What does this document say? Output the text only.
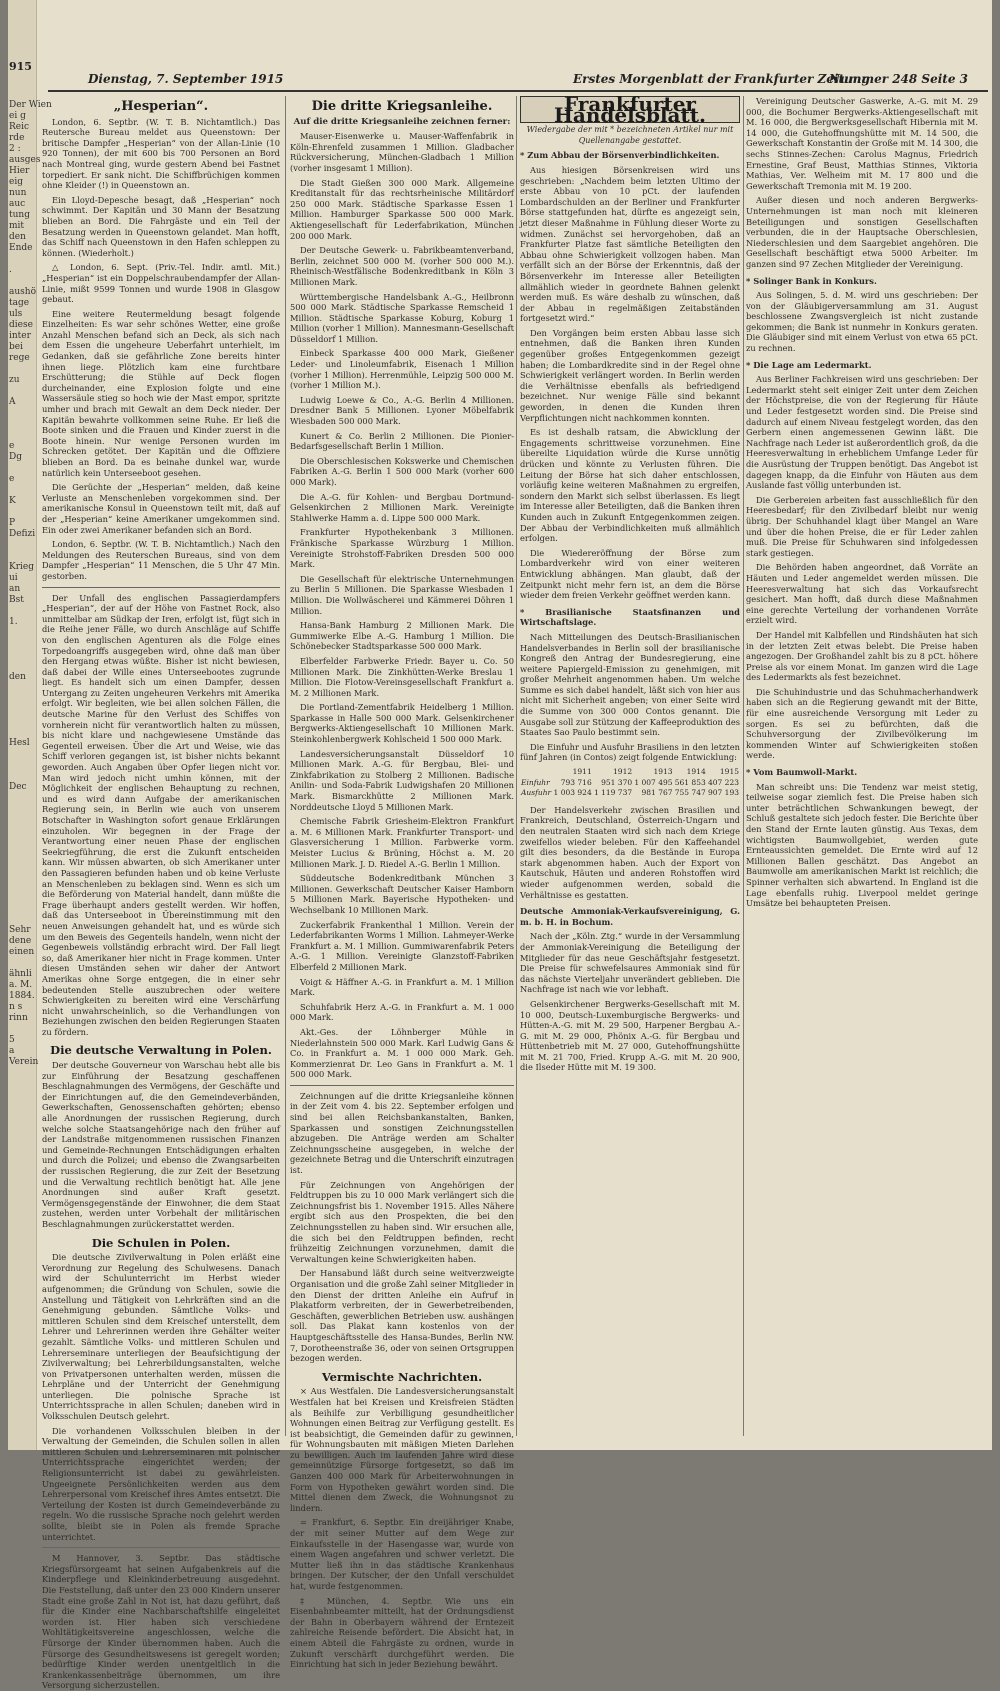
915
Der Wien
ei g
Reic
rde
2 :
ausges
Hier
eig
nun
auc
tung
mit
den
Ende

.

aushö
tage
uls
diese
inter
bei
rege

zu

A

e
Dg

e

K

P
Defizi

Krieg
ui
an
Bst

1.

den

Hesl

Dec

Sehr
dene
einen

ähnli
a. M.
1884.
n s
rinn

5
a
Verein

Dienstag, 7. September 1915	Erstes Morgenblatt der Frankfurter Zeitung
Nummer 248 Seite 3
„Hesperian“.

London, 6. Septbr. (W. T. B. Nichtamtlich.) Das Reutersche Bureau meldet aus Queenstown: Der britische Dampfer „Hesperian“ von der Allan-Linie (10 920 Tonnen), der mit 600 bis 700 Personen an Bord nach Montreal ging, wurde gestern Abend bei Fastnet torpediert. Er sank nicht. Die Schiffbrüchigen kommen ohne Kleider (!) in Queenstown an.

Ein Lloyd-Depesche besagt, daß „Hesperian“ noch schwimmt. Der Kapitän und 30 Mann der Besatzung blieben an Bord. Die Fahrgäste und ein Teil der Besatzung werden in Queenstown gelandet. Man hofft, das Schiff nach Queenstown in den Hafen schleppen zu können. (Wiederholt.)

△ London, 6. Sept. (Priv.-Tel. Indir. amtl. Mit.) „Hesperian“ ist ein Doppelschraubendampfer der Allan-Linie, mißt 9599 Tonnen und wurde 1908 in Glasgow gebaut.

Eine weitere Reutermeldung besagt folgende Einzelheiten: Es war sehr schönes Wetter, eine große Anzahl Menschen befand sich an Deck, als sich nach dem Essen die ungeheure Ueberfahrt unterhielt, im Gedanken, daß sie gefährliche Zone bereits hinter ihnen liege. Plötzlich kam eine furchtbare Erschütterung; die Stühle auf Deck flogen durcheinander, eine Explosion folgte und eine Wassersäule stieg so hoch wie der Mast empor, spritzte umher und brach mit Gewalt an dem Deck nieder. Der Kapitän bewahrte vollkommen seine Ruhe. Er ließ die Boote sinken und die Frauen und Kinder zuerst in die Boote hinein. Nur wenige Personen wurden im Schrecken getötet. Der Kapitän und die Offiziere blieben an Bord. Da es beinahe dunkel war, wurde natürlich kein Unterseeboot gesehen.

Die Gerüchte der „Hesperian“ melden, daß keine Verluste an Menschenleben vorgekommen sind. Der amerikanische Konsul in Queenstown teilt mit, daß auf der „Hesperian“ keine Amerikaner umgekommen sind. Ein oder zwei Amerikaner befanden sich an Bord.

London, 6. Septbr. (W. T. B. Nichtamtlich.) Nach den Meldungen des Reuterschen Bureaus, sind von dem Dampfer „Hesperian“ 11 Menschen, die 5 Uhr 47 Min. gestorben.

Der Unfall des englischen Passagierdampfers „Hesperian“, der auf der Höhe von Fastnet Rock, also unmittelbar am Südkap der Iren, erfolgt ist, fügt sich in die Reihe jener Fälle, wo durch Anschläge auf Schiffe von den englischen Agenturen als die Folge eines Torpedoangriffs ausgegeben wird, ohne daß man über den Hergang etwas wüßte. Bisher ist nicht bewiesen, daß dabei der Wille eines Unterseebootes zugrunde liegt. Es handelt sich um einen Dampfer, dessen Untergang zu Zeiten ungeheuren Verkehrs mit Amerika erfolgt. Wir begleiten, wie bei allen solchen Fällen, die deutsche Marine für den Verlust des Schiffes von vornherein nicht für verantwortlich halten zu müssen, bis nicht klare und nachgewiesene Umstände das Gegenteil erweisen. Über die Art und Weise, wie das Schiff verloren gegangen ist, ist bisher nichts bekannt geworden. Auch Angaben über Opfer liegen nicht vor. Man wird jedoch nicht umhin können, mit der Möglichkeit der englischen Behauptung zu rechnen, und es wird dann Aufgabe der amerikanischen Regierung sein, in Berlin wie auch von unserem Botschafter in Washington sofort genaue Erklärungen einzuholen. Wir begegnen in der Frage der Verantwortung einer neuen Phase der englischen Seekriegführung, die erst die Zukunft entscheiden kann. Wir müssen abwarten, ob sich Amerikaner unter den Passagieren befunden haben und ob keine Verluste an Menschenleben zu beklagen sind. Wenn es sich um die Beförderung von Material handelt, dann müßte die Frage überhaupt anders gestellt werden. Wir hoffen, daß das Unterseeboot in Übereinstimmung mit den neuen Anweisungen gehandelt hat, und es würde sich um den Beweis des Gegenteils handeln, wenn nicht der Gegenbeweis vollständig erbracht wird. Der Fall liegt so, daß Amerikaner hier nicht in Frage kommen. Unter diesen Umständen sehen wir daher der Antwort Amerikas ohne Sorge entgegen, die in einer sehr bedeutenden Stelle auszubrechen oder weitere Schwierigkeiten zu bereiten wird eine Verschärfung nicht unwahrscheinlich, so die Verhandlungen von Beziehungen zwischen den beiden Regierungen Staaten zu fördern.

Die deutsche Verwaltung in Polen.

Der deutsche Gouverneur von Warschau hebt alle bis zur Einführung der Besatzung geschaffenen Beschlagnahmungen des Vermögens, der Geschäfte und der Einrichtungen auf, die den Gemeindeverbänden, Gewerkschaften, Genossenschaften gehörten; ebenso alle Anordnungen der russischen Regierung, durch welche solche Staatsangehörige nach den früher auf der Landstraße mitgenommenen russischen Finanzen und Gemeinde-Rechnungen Entschädigungen erhalten und durch die Polizei; und ebenso die Zwangsarbeiten der russischen Regierung, die zur Zeit der Besetzung und die Verwaltung rechtlich benötigt hat. Alle jene Anordnungen sind außer Kraft gesetzt. Vermögensgegenstände der Einwohner, die dem Staat zustehen, werden unter Vorbehalt der militärischen Beschlagnahmungen zurückerstattet werden.

Die Schulen in Polen.

Die deutsche Zivilverwaltung in Polen erläßt eine Verordnung zur Regelung des Schulwesens. Danach wird der Schulunterricht im Herbst wieder aufgenommen; die Gründung von Schulen, sowie die Anstellung und Tätigkeit von Lehrkräften sind an die Genehmigung gebunden. Sämtliche Volks- und mittleren Schulen sind dem Kreischef unterstellt, dem Lehrer und Lehrerinnen werden ihre Gehälter weiter gezahlt. Sämtliche Volks- und mittleren Schulen und Lehrerseminare unterliegen der Beaufsichtigung der Zivilverwaltung; bei Lehrerbildungsanstalten, welche von Privatpersonen unterhalten werden, müssen die Lehrpläne und der Unterricht der Genehmigung unterliegen. Die polnische Sprache ist Unterrichtssprache in allen Schulen; daneben wird in Volksschulen Deutsch gelehrt.

Die vorhandenen Volksschulen bleiben in der Verwaltung der Gemeinden, die Schulen sollen in allen mittleren Schulen und Lehrerseminaren mit polnischer Unterrichtssprache eingerichtet werden; der Religionsunterricht ist dabei zu gewährleisten. Ungeeignete Persönlichkeiten werden aus dem Lehrerpersonal vom Kreischef ihres Amtes entsetzt. Die Verteilung der Kosten ist durch Gemeindeverbände zu regeln. Wo die russische Sprache noch gelehrt werden sollte, bleibt sie in Polen als fremde Sprache unterrichtet.

M Hannover, 3. Septbr. Das städtische Kriegsfürsorgeamt hat seinen Aufgabenkreis auf die Kinderpflege und Kleinkinderbetreuung ausgedehnt. Die Feststellung, daß unter den 23 000 Kindern unserer Stadt eine große Zahl in Not ist, hat dazu geführt, daß für die Kinder eine Nachbarschaftshilfe eingeleitet worden ist. Hier haben sich verschiedene Wohltätigkeitsvereine angeschlossen, welche die Fürsorge der Kinder übernommen haben. Auch die Fürsorge des Gesundheitswesens ist geregelt worden; bedürftige Kinder werden unentgeltlich in die Krankenkassenbeiträge übernommen, um ihre Versorgung sicherzustellen.

Die dritte Kriegsanleihe.
Auf die dritte Kriegsanleihe zeichnen ferner:

Mauser-Eisenwerke u. Mauser-Waffenfabrik in Köln-Ehrenfeld zusammen 1 Million. Gladbacher Rückversicherung, München-Gladbach 1 Million (vorher insgesamt 1 Million).

Die Stadt Gießen 300 000 Mark. Allgemeine Kreditanstalt für das rechtsrheinische Militärdorf 250 000 Mark. Städtische Sparkasse Essen 1 Million. Hamburger Sparkasse 500 000 Mark. Aktiengesellschaft für Lederfabrikation, München 200 000 Mark.

Der Deutsche Gewerk- u. Fabrikbeamtenverband, Berlin, zeichnet 500 000 M. (vorher 500 000 M.). Rheinisch-Westfälische Bodenkreditbank in Köln 3 Millionen Mark.

Württembergische Handelsbank A.-G., Heilbronn 500 000 Mark. Städtische Sparkasse Remscheid 1 Million. Städtische Sparkasse Koburg, Koburg 1 Million (vorher 1 Million). Mannesmann-Gesellschaft Düsseldorf 1 Million.

Einbeck Sparkasse 400 000 Mark, Gießener Leder- und Linoleumfabrik, Eisenach 1 Million (vorher 1 Million). Herrenmühle, Leipzig 500 000 M. (vorher 1 Million M.).

Ludwig Loewe & Co., A.-G. Berlin 4 Millionen. Dresdner Bank 5 Millionen. Lyoner Möbelfabrik Wiesbaden 500 000 Mark.

Kunert & Co. Berlin 2 Millionen. Die Pionier-Bedarfsgesellschaft Berlin 1 Million.

Die Oberschlesischen Kokswerke und Chemischen Fabriken A.-G. Berlin 1 500 000 Mark (vorher 600 000 Mark).

Die A.-G. für Kohlen- und Bergbau Dortmund-Gelsenkirchen 2 Millionen Mark. Vereinigte Stahlwerke Hamm a. d. Lippe 500 000 Mark.

Frankfurter Hypothekenbank 3 Millionen. Fränkische Sparkasse Würzburg 1 Million. Vereinigte Strohstoff-Fabriken Dresden 500 000 Mark.

Die Gesellschaft für elektrische Unternehmungen zu Berlin 5 Millionen. Die Sparkasse Wiesbaden 1 Million. Die Wollwäscherei und Kämmerei Döhren 1 Million.

Hansa-Bank Hamburg 2 Millionen Mark. Die Gummiwerke Elbe A.-G. Hamburg 1 Million. Die Schönebecker Stadtsparkasse 500 000 Mark.

Elberfelder Farbwerke Friedr. Bayer u. Co. 50 Millionen Mark. Die Zinkhütten-Werke Breslau 1 Million. Die Flotow-Vereinsgesellschaft Frankfurt a. M. 2 Millionen Mark.

Die Portland-Zementfabrik Heidelberg 1 Million. Sparkasse in Halle 500 000 Mark. Gelsenkirchener Bergwerks-Aktiengesellschaft 10 Millionen Mark. Steinkohlenbergwerk Kohlscheid 1 500 000 Mark.

Landesversicherungsanstalt Düsseldorf 10 Millionen Mark. A.-G. für Bergbau, Blei- und Zinkfabrikation zu Stolberg 2 Millionen. Badische Anilin- und Soda-Fabrik Ludwigshafen 20 Millionen Mark. Bismarckhütte 2 Millionen Mark. Norddeutsche Lloyd 5 Millionen Mark.

Chemische Fabrik Griesheim-Elektron Frankfurt a. M. 6 Millionen Mark. Frankfurter Transport- und Glasversicherung 1 Million. Farbwerke vorm. Meister Lucius & Brüning, Höchst a. M. 20 Millionen Mark. J. D. Riedel A.-G. Berlin 1 Million.

Süddeutsche Bodenkreditbank München 3 Millionen. Gewerkschaft Deutscher Kaiser Hamborn 5 Millionen Mark. Bayerische Hypotheken- und Wechselbank 10 Millionen Mark.

Zuckerfabrik Frankenthal 1 Million. Verein der Lederfabrikanten Worms 1 Million. Lahmeyer-Werke Frankfurt a. M. 1 Million. Gummiwarenfabrik Peters A.-G. 1 Million. Vereinigte Glanzstoff-Fabriken Elberfeld 2 Millionen Mark.

Voigt & Häffner A.-G. in Frankfurt a. M. 1 Million Mark.

Schuhfabrik Herz A.-G. in Frankfurt a. M. 1 000 000 Mark.

Akt.-Ges. der Löhnberger Mühle in Niederlahnstein 500 000 Mark. Karl Ludwig Gans & Co. in Frankfurt a. M. 1 000 000 Mark. Geh. Kommerzienrat Dr. Leo Gans in Frankfurt a. M. 1 500 000 Mark.

Zeichnungen auf die dritte Kriegsanleihe können in der Zeit vom 4. bis 22. September erfolgen und sind bei allen Reichsbankanstalten, Banken, Sparkassen und sonstigen Zeichnungsstellen abzugeben. Die Anträge werden am Schalter Zeichnungsscheine ausgegeben, in welche der gezeichnete Betrag und die Unterschrift einzutragen ist.

Für Zeichnungen von Angehörigen der Feldtruppen bis zu 10 000 Mark verlängert sich die Zeichnungsfrist bis 1. November 1915. Alles Nähere ergibt sich aus den Prospekten, die bei den Zeichnungsstellen zu haben sind. Wir ersuchen alle, die sich bei den Feldtruppen befinden, recht frühzeitig Zeichnungen vorzunehmen, damit die Verwaltungen keine Schwierigkeiten haben.

Der Hansabund läßt durch seine weitverzweigte Organisation und die große Zahl seiner Mitglieder in den Dienst der dritten Anleihe ein Aufruf in Plakatform verbreiten, der in Gewerbetreibenden, Geschäften, gewerblichen Betrieben usw. aushängen soll. Das Plakat kann kostenlos von der Hauptgeschäftsstelle des Hansa-Bundes, Berlin NW. 7, Dorotheenstraße 36, oder von seinen Ortsgruppen bezogen werden.

Vermischte Nachrichten.

× Aus Westfalen. Die Landesversicherungsanstalt Westfalen hat bei Kreisen und Kreisfreien Städten als Beihilfe zur Verbilligung gesundheitlicher Wohnungen einen Beitrag zur Verfügung gestellt. Es ist beabsichtigt, die Gemeinden dafür zu gewinnen, für Wohnungsbauten mit mäßigen Mieten Darlehen zu bewilligen. Auch im laufenden Jahre wird diese gemeinnützige Fürsorge fortgesetzt, so daß im Ganzen 400 000 Mark für Arbeiterwohnungen in Form von Hypotheken gewährt worden sind. Die Mittel dienen dem Zweck, die Wohnungsnot zu lindern.

= Frankfurt, 6. Septbr. Ein dreijähriger Knabe, der mit seiner Mutter auf dem Wege zur Einkaufsstelle in der Hasengasse war, wurde von einem Wagen angefahren und schwer verletzt. Die Mutter ließ ihn in das städtische Krankenhaus bringen. Der Kutscher, der den Unfall verschuldet hat, wurde festgenommen.

‡ München, 4. Septbr. Wie uns ein Eisenbahnbeamter mitteilt, hat der Ordnungsdienst der Bahn in Oberbayern während der Erntezeit zahlreiche Reisende befördert. Die Absicht hat, in einem Abteil die Fahrgäste zu ordnen, wurde in Zukunft verschärft durchgeführt werden. Die Einrichtung hat sich in jeder Beziehung bewährt.

Frankfurter Handelsblatt.
Wiedergabe der mit * bezeichneten Artikel nur mit Quellenangabe gestattet.

* Zum Abbau der Börsenverbindlichkeiten.

Aus hiesigen Börsenkreisen wird uns geschrieben: „Nachdem beim letzten Ultimo der erste Abbau von 10 pCt. der laufenden Lombardschulden an der Berliner und Frankfurter Börse stattgefunden hat, dürfte es angezeigt sein, jetzt dieser Maßnahme in Fühlung dieser Worte zu widmen. Zunächst sei hervorgehoben, daß an Frankfurter Platze fast sämtliche Beteiligten den Abbau ohne Schwierigkeit vollzogen haben. Man verfällt sich an der Börse der Erkenntnis, daß der Börsenverkehr im Interesse aller Beteiligten allmählich wieder in geordnete Bahnen gelenkt werden muß. Es wäre deshalb zu wünschen, daß der Abbau in regelmäßigen Zeitabständen fortgesetzt wird.“

Den Vorgängen beim ersten Abbau lasse sich entnehmen, daß die Banken ihren Kunden gegenüber großes Entgegenkommen gezeigt haben; die Lombardkredite sind in der Regel ohne Schwierigkeit verlängert worden. In Berlin werden die Verhältnisse ebenfalls als befriedigend bezeichnet. Nur wenige Fälle sind bekannt geworden, in denen die Kunden ihren Verpflichtungen nicht nachkommen konnten.

Es ist deshalb ratsam, die Abwicklung der Engagements schrittweise vorzunehmen. Eine übereilte Liquidation würde die Kurse unnötig drücken und könnte zu Verlusten führen. Die Leitung der Börse hat sich daher entschlossen, vorläufig keine weiteren Maßnahmen zu ergreifen, sondern den Markt sich selbst überlassen. Es liegt im Interesse aller Beteiligten, daß die Banken ihren Kunden auch in Zukunft Entgegenkommen zeigen. Der Abbau der Verbindlichkeiten muß allmählich erfolgen.

Die Wiedereröffnung der Börse zum Lombardverkehr wird von einer weiteren Entwicklung abhängen. Man glaubt, daß der Zeitpunkt nicht mehr fern ist, an dem die Börse wieder dem freien Verkehr geöffnet werden kann.

* Brasilianische Staatsfinanzen und Wirtschaftslage.

Nach Mitteilungen des Deutsch-Brasilianischen Handelsverbandes in Berlin soll der brasilianische Kongreß den Antrag der Bundesregierung, eine weitere Papiergeld-Emission zu genehmigen, mit großer Mehrheit angenommen haben. Um welche Summe es sich dabei handelt, läßt sich von hier aus nicht mit Sicherheit angeben; von einer Seite wird die Summe von 300 000 Contos genannt. Die Ausgabe soll zur Stützung der Kaffeeproduktion des Staates Sao Paulo bestimmt sein.

Die Einfuhr und Ausfuhr Brasiliens in den letzten fünf Jahren (in Contos) zeigt folgende Entwicklung:

	1911	1912	1913	1914	1915
Einfuhr	793 716	951 370	1 007 495	561 853	407 223
Ausfuhr	1 003 924	1 119 737	981 767	755 747	907 193

Der Handelsverkehr zwischen Brasilien und Frankreich, Deutschland, Österreich-Ungarn und den neutralen Staaten wird sich nach dem Kriege zweifellos wieder beleben. Für den Kaffeehandel gilt dies besonders, da die Bestände in Europa stark abgenommen haben. Auch der Export von Kautschuk, Häuten und anderen Rohstoffen wird wieder aufgenommen werden, sobald die Verhältnisse es gestatten.

Deutsche Ammoniak-Verkaufsvereinigung, G. m. b. H. in Bochum.

Nach der „Köln. Ztg.“ wurde in der Versammlung der Ammoniak-Vereinigung die Beteiligung der Mitglieder für das neue Geschäftsjahr festgesetzt. Die Preise für schwefelsaures Ammoniak sind für das nächste Vierteljahr unverändert geblieben. Die Nachfrage ist nach wie vor lebhaft.

Gelsenkirchener Bergwerks-Gesellschaft mit M. 10 000, Deutsch-Luxemburgische Bergwerks- und Hütten-A.-G. mit M. 29 500, Harpener Bergbau A.-G. mit M. 29 000, Phönix A.-G. für Bergbau und Hüttenbetrieb mit M. 27 000, Gutehoffnungshütte mit M. 21 700, Fried. Krupp A.-G. mit M. 20 900, die Ilseder Hütte mit M. 19 300.

Vereinigung Deutscher Gaswerke, A.-G. mit M. 29 000, die Bochumer Bergwerks-Aktiengesellschaft mit M. 16 000, die Bergwerksgesellschaft Hibernia mit M. 14 000, die Gutehoffnungshütte mit M. 14 500, die Gewerkschaft Konstantin der Große mit M. 14 300, die sechs Stinnes-Zechen: Carolus Magnus, Friedrich Ernestine, Graf Beust, Matthias Stinnes, Viktoria Mathias, Ver. Welheim mit M. 17 800 und die Gewerkschaft Tremonia mit M. 19 200.

Außer diesen und noch anderen Bergwerks-Unternehmungen ist man noch mit kleineren Beteiligungen und sonstigen Gesellschaften verbunden, die in der Hauptsache Oberschlesien, Niederschlesien und dem Saargebiet angehören. Die Gesellschaft beschäftigt etwa 5000 Arbeiter. Im ganzen sind 97 Zechen Mitglieder der Vereinigung.

* Solinger Bank in Konkurs.

Aus Solingen, 5. d. M. wird uns geschrieben: Der von der Gläubigerversammlung am 31. August beschlossene Zwangsvergleich ist nicht zustande gekommen; die Bank ist nunmehr in Konkurs geraten. Die Gläubiger sind mit einem Verlust von etwa 65 pCt. zu rechnen.

* Die Lage am Ledermarkt.

Aus Berliner Fachkreisen wird uns geschrieben: Der Ledermarkt steht seit einiger Zeit unter dem Zeichen der Höchstpreise, die von der Regierung für Häute und Leder festgesetzt worden sind. Die Preise sind dadurch auf einem Niveau festgelegt worden, das den Gerbern einen angemessenen Gewinn läßt. Die Nachfrage nach Leder ist außerordentlich groß, da die Heeresverwaltung in erheblichem Umfange Leder für die Ausrüstung der Truppen benötigt. Das Angebot ist dagegen knapp, da die Einfuhr von Häuten aus dem Auslande fast völlig unterbunden ist.

Die Gerbereien arbeiten fast ausschließlich für den Heeresbedarf; für den Zivilbedarf bleibt nur wenig übrig. Der Schuhhandel klagt über Mangel an Ware und über die hohen Preise, die er für Leder zahlen muß. Die Preise für Schuhwaren sind infolgedessen stark gestiegen.

Die Behörden haben angeordnet, daß Vorräte an Häuten und Leder angemeldet werden müssen. Die Heeresverwaltung hat sich das Vorkaufsrecht gesichert. Man hofft, daß durch diese Maßnahmen eine gerechte Verteilung der vorhandenen Vorräte erzielt wird.

Der Handel mit Kalbfellen und Rindshäuten hat sich in der letzten Zeit etwas belebt. Die Preise haben angezogen. Der Großhandel zahlt bis zu 8 pCt. höhere Preise als vor einem Monat. Im ganzen wird die Lage des Ledermarkts als fest bezeichnet.

Die Schuhindustrie und das Schuhmacherhandwerk haben sich an die Regierung gewandt mit der Bitte, für eine ausreichende Versorgung mit Leder zu sorgen. Es sei zu befürchten, daß die Schuhversorgung der Zivilbevölkerung im kommenden Winter auf Schwierigkeiten stoßen werde.

* Vom Baumwoll-Markt.

Man schreibt uns: Die Tendenz war meist stetig, teilweise sogar ziemlich fest. Die Preise haben sich unter beträchtlichen Schwankungen bewegt, der Schluß gestaltete sich jedoch fester. Die Berichte über den Stand der Ernte lauten günstig. Aus Texas, dem wichtigsten Baumwollgebiet, werden gute Ernteaussichten gemeldet. Die Ernte wird auf 12 Millionen Ballen geschätzt. Das Angebot an Baumwolle am amerikanischen Markt ist reichlich; die Spinner verhalten sich abwartend. In England ist die Lage ebenfalls ruhig. Liverpool meldet geringe Umsätze bei behaupteten Preisen.
